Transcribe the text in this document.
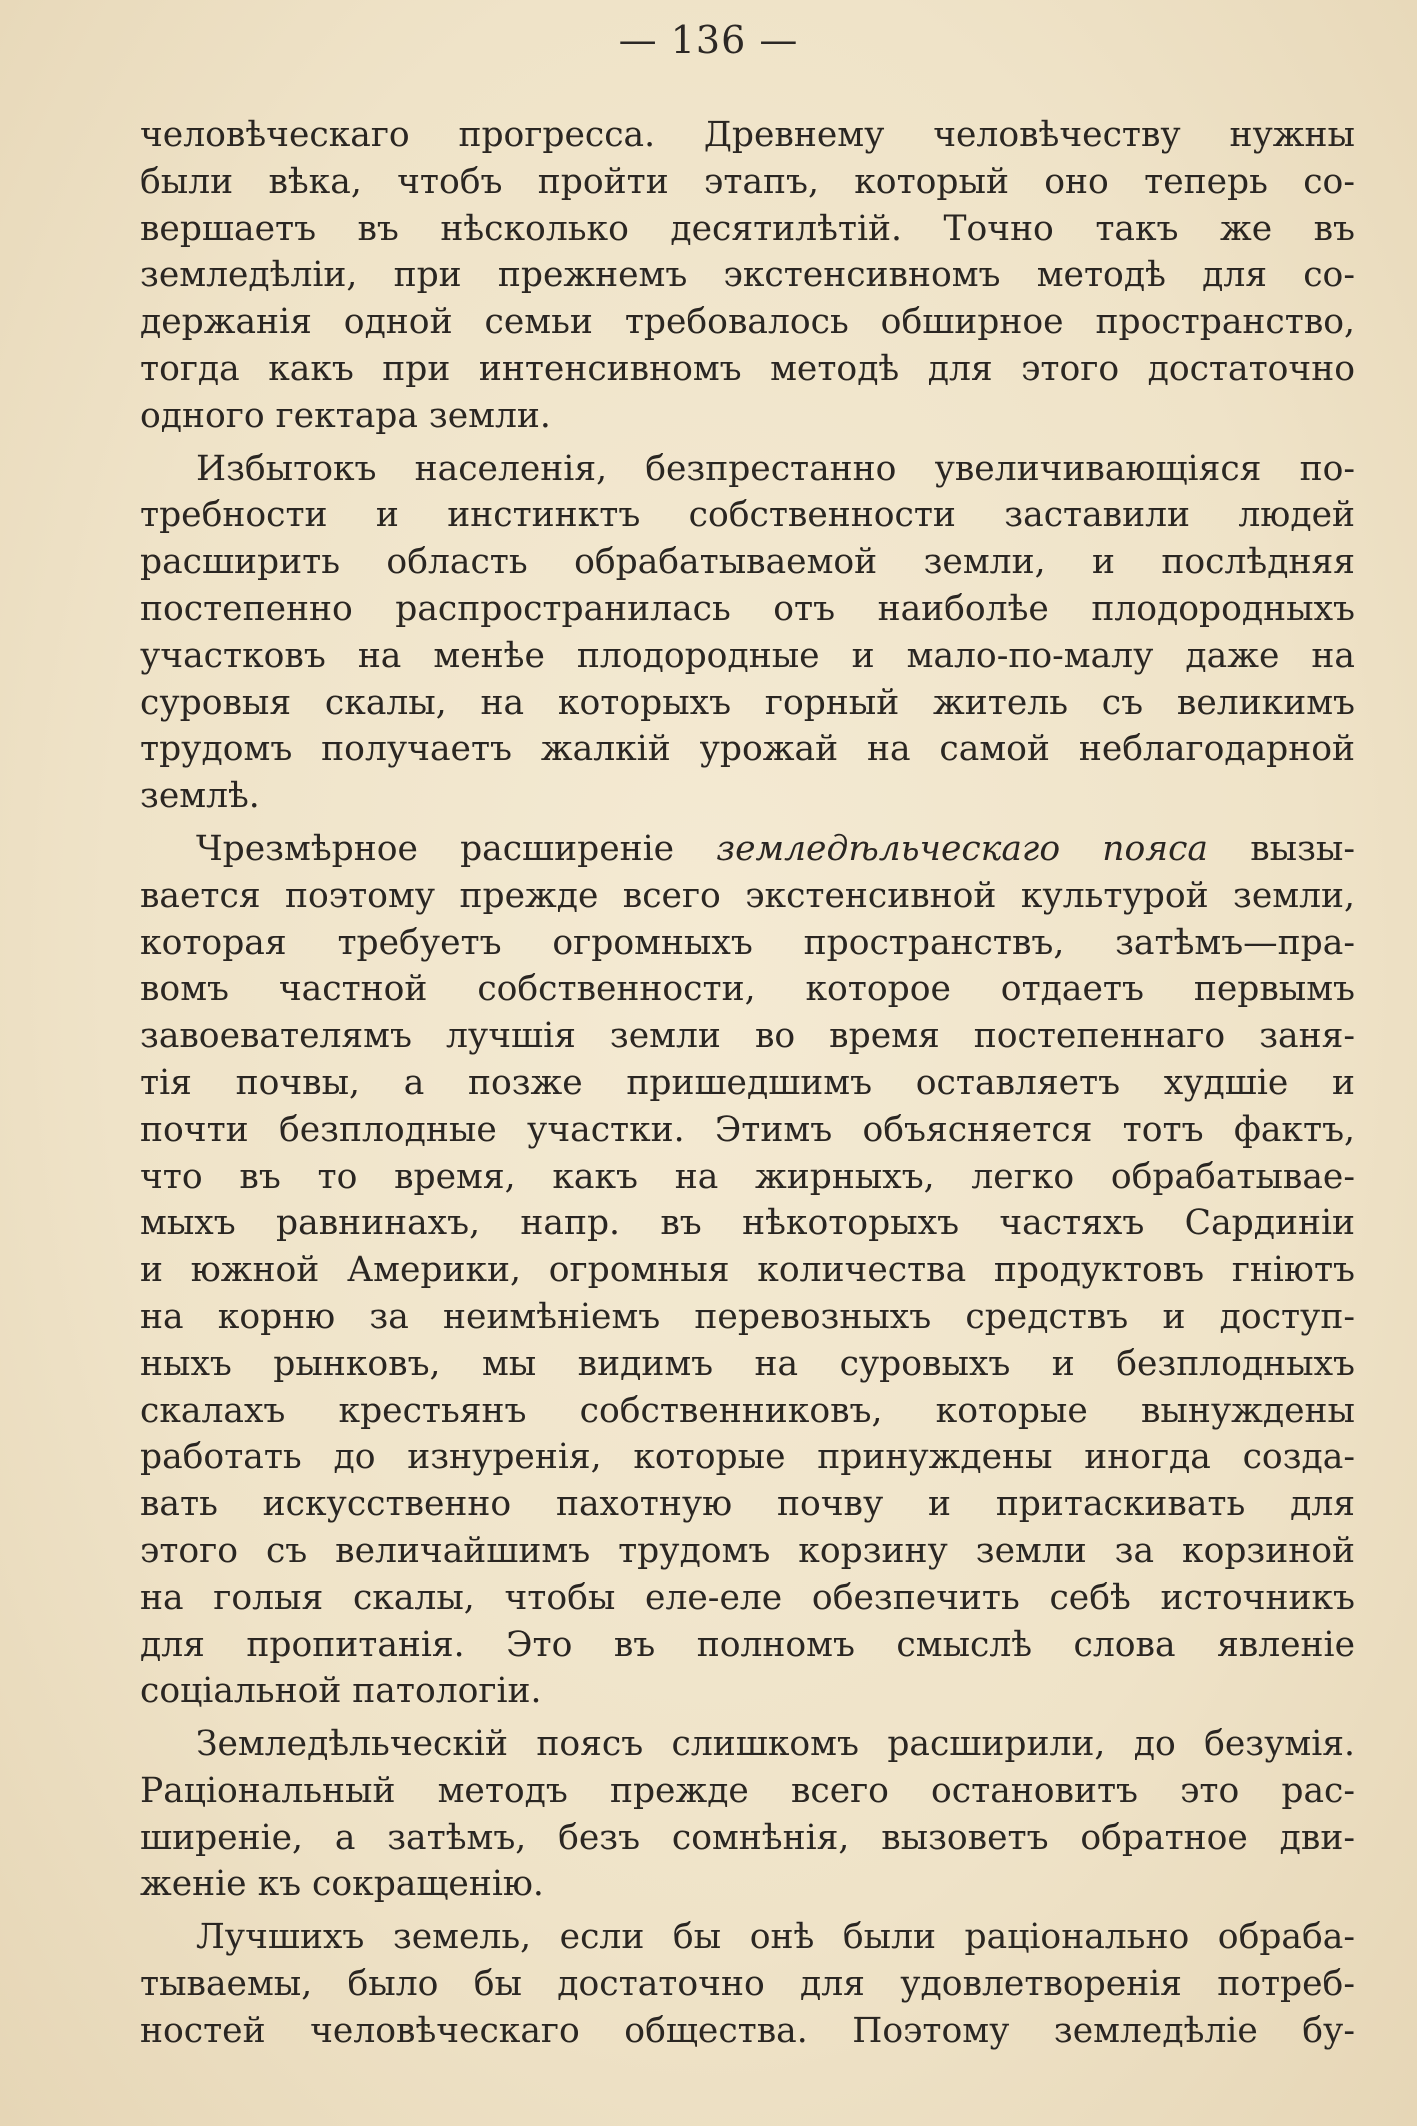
— 136 —
человѣческаго прогресса. Древнему человѣчеству нужны
были вѣка, чтобъ пройти этапъ, который оно теперь со-
вершаетъ въ нѣсколько десятилѣтій. Точно такъ же въ
земледѣліи, при прежнемъ экстенсивномъ методѣ для со-
держанія одной семьи требовалось обширное пространство,
тогда какъ при интенсивномъ методѣ для этого достаточно
одного гектара земли.
Избытокъ населенія, безпрестанно увеличивающіяся по-
требности и инстинктъ собственности заставили людей
расширить область обрабатываемой земли, и послѣдняя
постепенно распространилась отъ наиболѣе плодородныхъ
участковъ на менѣе плодородные и мало-по-малу даже на
суровыя скалы, на которыхъ горный житель съ великимъ
трудомъ получаетъ жалкій урожай на самой неблагодарной
землѣ.
Чрезмѣрное расширеніе земледѣльческаго пояса вызы-
вается поэтому прежде всего экстенсивной культурой земли,
которая требуетъ огромныхъ пространствъ, затѣмъ—пра-
вомъ частной собственности, которое отдаетъ первымъ
завоевателямъ лучшія земли во время постепеннаго заня-
тія почвы, а позже пришедшимъ оставляетъ худшіе и
почти безплодные участки. Этимъ объясняется тотъ фактъ,
что въ то время, какъ на жирныхъ, легко обрабатывае-
мыхъ равнинахъ, напр. въ нѣкоторыхъ частяхъ Сардиніи
и южной Америки, огромныя количества продуктовъ гніютъ
на корню за неимѣніемъ перевозныхъ средствъ и доступ-
ныхъ рынковъ, мы видимъ на суровыхъ и безплодныхъ
скалахъ крестьянъ собственниковъ, которые вынуждены
работать до изнуренія, которые принуждены иногда созда-
вать искусственно пахотную почву и притаскивать для
этого съ величайшимъ трудомъ корзину земли за корзиной
на голыя скалы, чтобы еле-еле обезпечить себѣ источникъ
для пропитанія. Это въ полномъ смыслѣ слова явленіе
соціальной патологіи.
Земледѣльческій поясъ слишкомъ расширили, до безумія.
Раціональный методъ прежде всего остановитъ это рас-
ширеніе, а затѣмъ, безъ сомнѣнія, вызоветъ обратное дви-
женіе къ сокращенію.
Лучшихъ земель, если бы онѣ были раціонально обраба-
тываемы, было бы достаточно для удовлетворенія потреб-
ностей человѣческаго общества. Поэтому земледѣліе бу-
